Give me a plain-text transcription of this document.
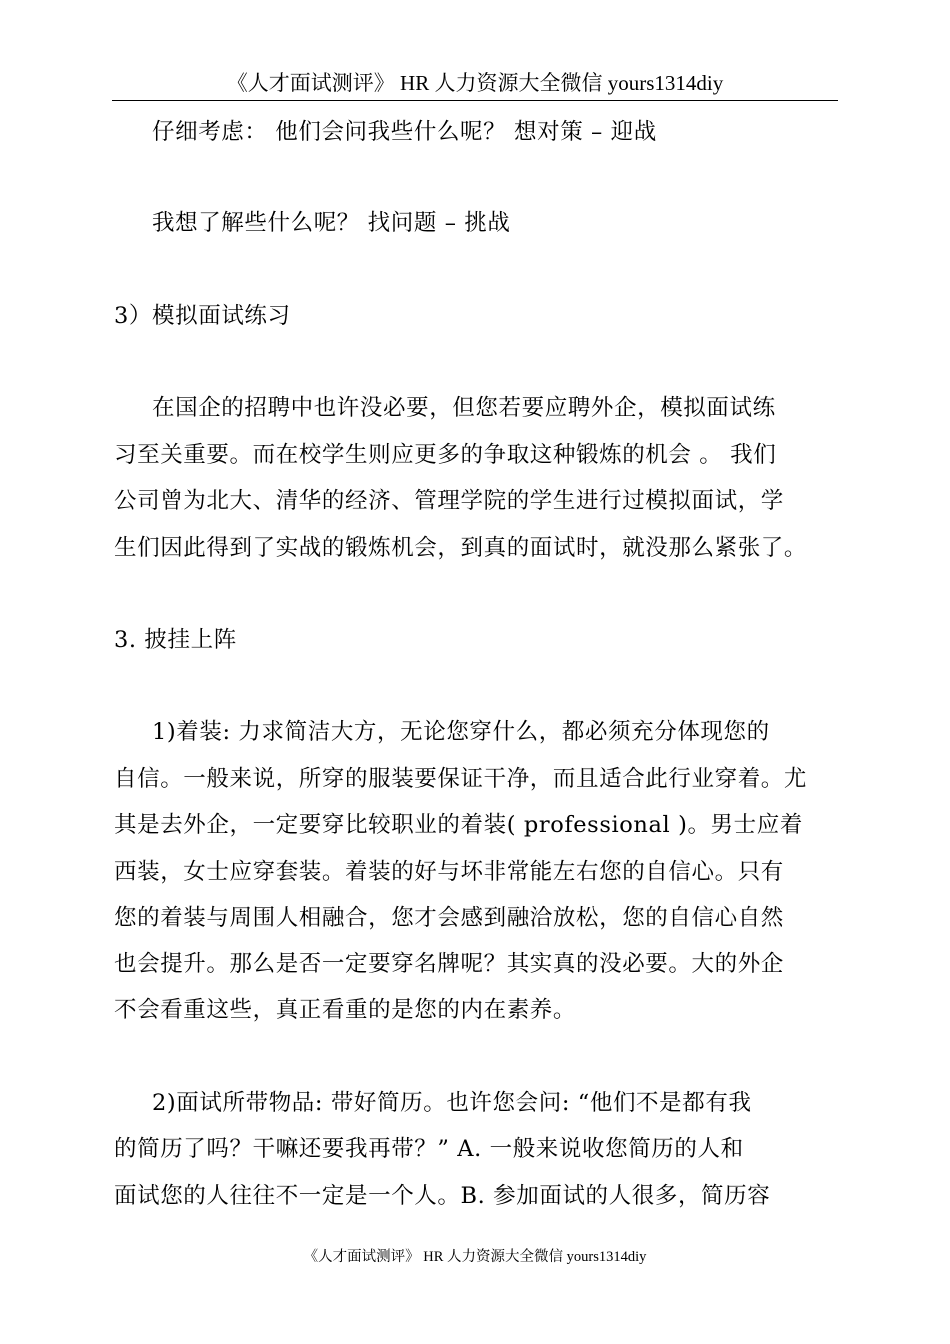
《人才面试测评》 HR 人力资源大全微信 yours1314diy
仔细考虑： 他们会问我些什么呢？ 想对策 – 迎战
我想了解些什么呢？ 找问题 – 挑战
3）模拟面试练习
在国企的招聘中也许没必要，但您若要应聘外企，模拟面试练
习至关重要。而在校学生则应更多的争取这种锻炼的机会 。 我们
公司曾为北大、清华的经济、管理学院的学生进行过模拟面试，学
生们因此得到了实战的锻炼机会，到真的面试时，就没那么紧张了。
3. 披挂上阵
1)着装: 力求简洁大方，无论您穿什么，都必须充分体现您的
自信。一般来说，所穿的服装要保证干净，而且适合此行业穿着。尤
其是去外企，一定要穿比较职业的着装( professional )。男士应着
西装，女士应穿套装。着装的好与坏非常能左右您的自信心。只有
您的着装与周围人相融合，您才会感到融洽放松，您的自信心自然
也会提升。那么是否一定要穿名牌呢？其实真的没必要。大的外企
不会看重这些，真正看重的是您的内在素养。
2)面试所带物品: 带好简历。也许您会问: “他们不是都有我
的简历了吗？干嘛还要我再带？” A. 一般来说收您简历的人和
面试您的人往往不一定是一个人。B. 参加面试的人很多，简历容
《人才面试测评》 HR 人力资源大全微信 yours1314diy
